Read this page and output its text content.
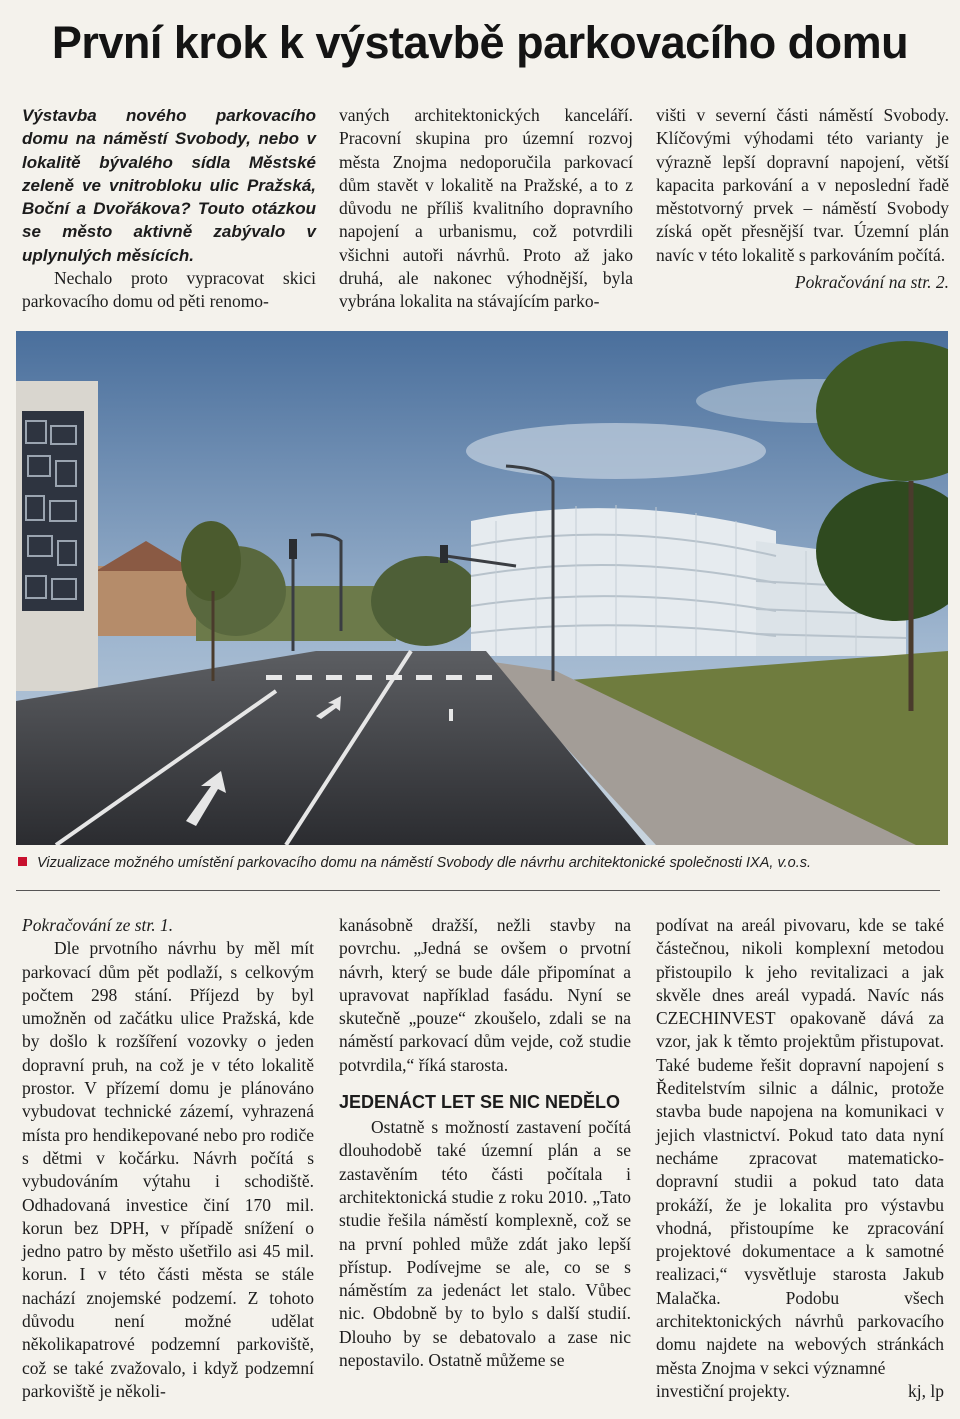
První krok k výstavbě parkovacího domu

Výstavba nového parkovacího domu na náměstí Svobody, nebo v lokalitě bývalého sídla Městské zeleně ve vnitrobloku ulic Pražská, Boční a Dvořákova? Touto otázkou se město aktivně zabývalo v uplynulých měsících.

Nechalo proto vypracovat skici parkovacího domu od pěti renomo-

vaných architektonických kanceláří. Pracovní skupina pro územní rozvoj města Znojma nedoporučila parkovací dům stavět v lokalitě na Pražské, a to z důvodu ne příliš kvalitního dopravního napojení a urbanismu, což potvrdili všichni autoři návrhů. Proto až jako druhá, ale nakonec výhodnější, byla vybrána lokalita na stávajícím parko-

višti v severní části náměstí Svobody. Klíčovými výhodami této varianty je výrazně lepší dopravní napojení, větší kapacita parkování a v neposlední řadě městotvorný prvek – náměstí Svobody získá opět přesnější tvar. Územní plán navíc v této lokalitě s parkováním počítá.

Pokračování na str. 2.

Vizualizace možného umístění parkovacího domu na náměstí Svobody dle návrhu architektonické společnosti IXA, v.o.s.

Pokračování ze str. 1.

Dle prvotního návrhu by měl mít parkovací dům pět podlaží, s celkovým počtem 298 stání. Příjezd by byl umožněn od začátku ulice Pražská, kde by došlo k rozšíření vozovky o jeden dopravní pruh, na což je v této lokalitě prostor. V přízemí domu je plánováno vybudovat technické zázemí, vyhrazená místa pro hendikepované nebo pro rodiče s dětmi v kočárku. Návrh počítá s vybudováním výtahu i schodiště. Odhadovaná investice činí 170 mil. korun bez DPH, v případě snížení o jedno patro by město ušetřilo asi 45 mil. korun. I v této části města se stále nachází znojemské podzemí. Z tohoto důvodu není možné udělat několikapatrové podzemní parkoviště, což se také zvažovalo, i když podzemní parkoviště je několi-

kanásobně dražší, nežli stavby na povrchu. „Jedná se ovšem o prvotní návrh, který se bude dále připomínat a upravovat například fasádu. Nyní se skutečně „pouze“ zkoušelo, zdali se na náměstí parkovací dům vejde, což studie potvrdila,“ říká starosta.

JEDENÁCT LET SE NIC NEDĚLO

Ostatně s možností zastavení počítá dlouhodobě také územní plán a se zastavěním této části počítala i architektonická studie z roku 2010. „Tato studie řešila náměstí komplexně, což se na první pohled může zdát jako lepší přístup. Podívejme se ale, co se s náměstím za jedenáct let stalo. Vůbec nic. Obdobně by to bylo s další studií. Dlouho by se debatovalo a zase nic nepostavilo. Ostatně můžeme se

podívat na areál pivovaru, kde se také částečnou, nikoli komplexní metodou přistoupilo k jeho revitalizaci a jak skvěle dnes areál vypadá. Navíc nás CZECHINVEST opakovaně dává za vzor, jak k těmto projektům přistupovat. Také budeme řešit dopravní napojení s Ředitelstvím silnic a dálnic, protože stavba bude napojena na komunikaci v jejich vlastnictví. Pokud tato data nyní necháme zpracovat matematicko-dopravní studii a pokud tato data prokáží, že je lokalita pro výstavbu vhodná, přistoupíme ke zpracování projektové dokumentace a k samotné realizaci,“ vysvětluje starosta Jakub Malačka. Podobu všech architektonických návrhů parkovacího domu najdete na webových stránkách města Znojma v sekci významné

investiční projekty.	kj, lp
